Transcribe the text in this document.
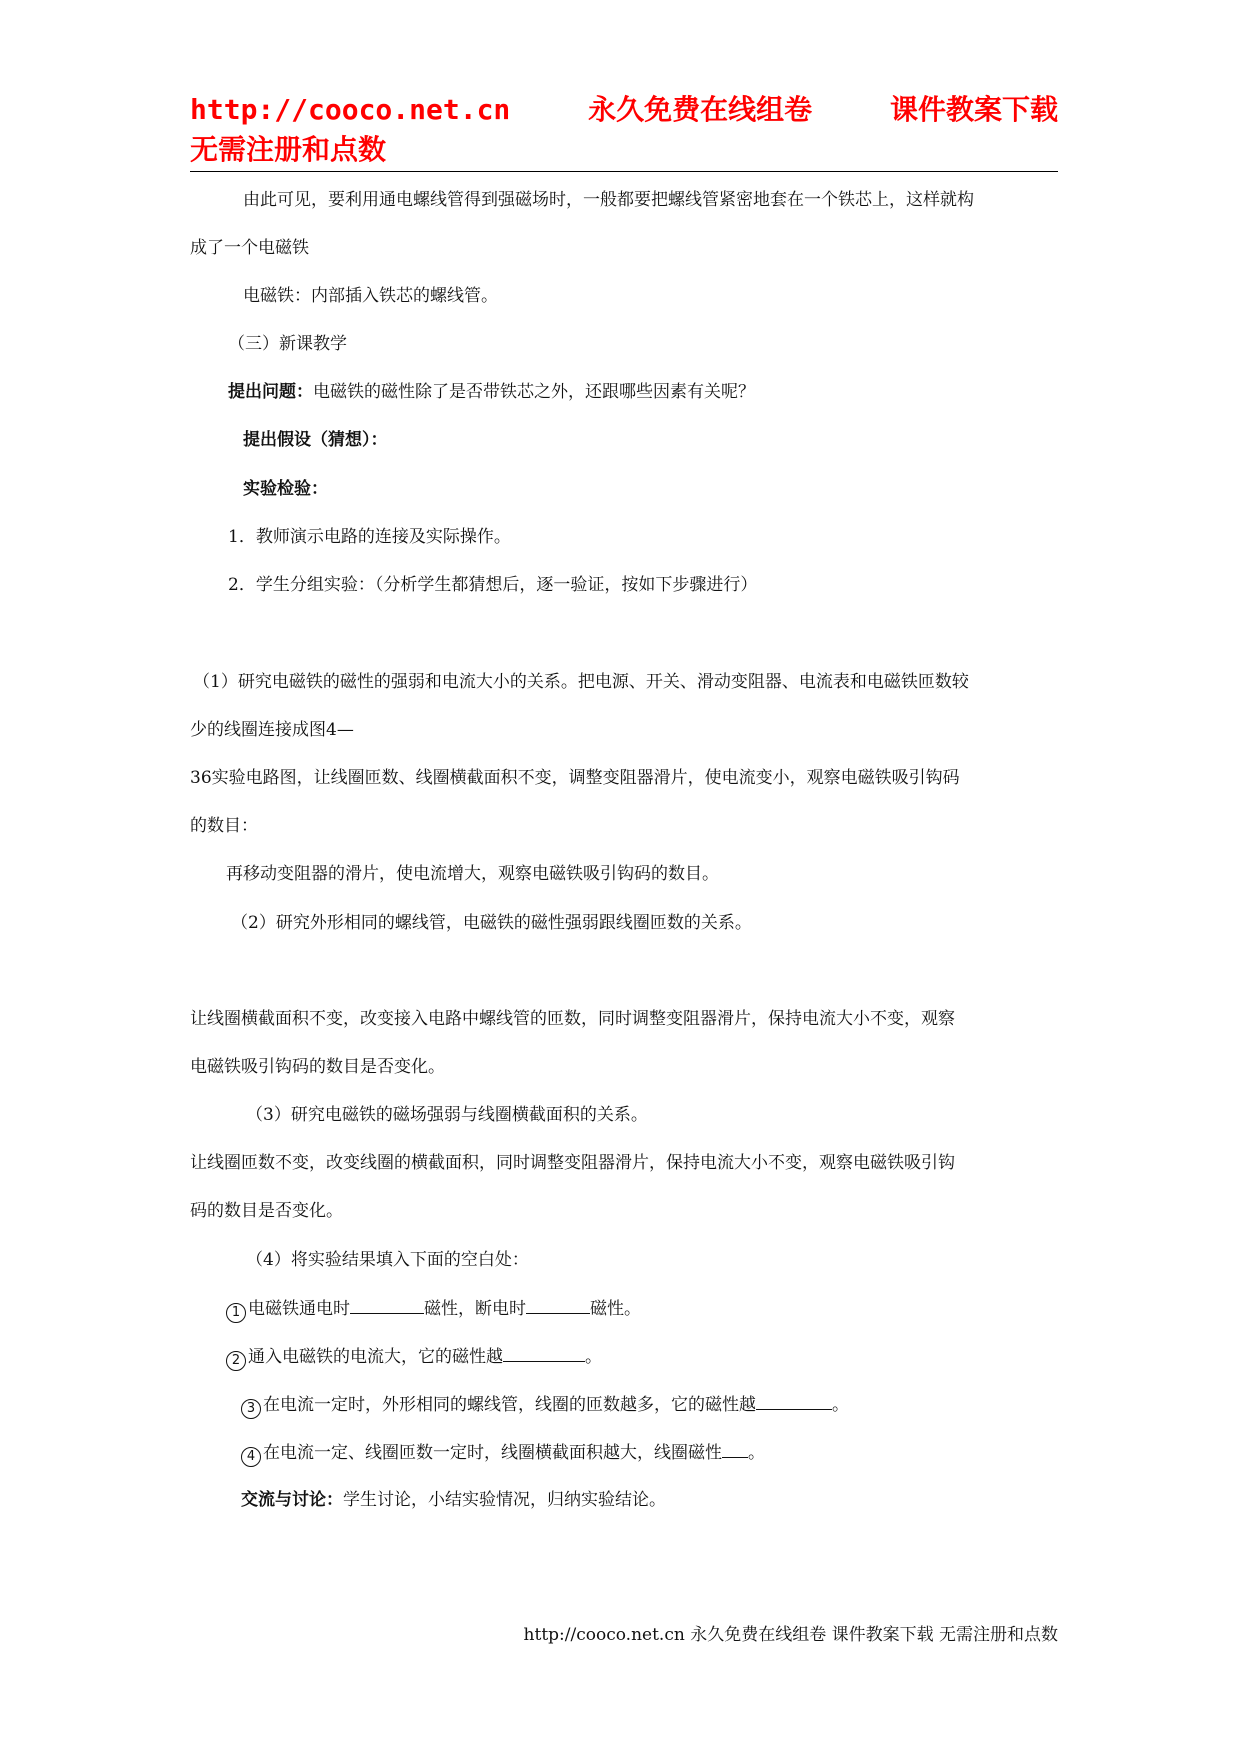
http://cooco.net.cn	永久免费在线组卷	课件教案下载
无需注册和点数
由此可见，要利用通电螺线管得到强磁场时，一般都要把螺线管紧密地套在一个铁芯上，这样就构
成了一个电磁铁
电磁铁：内部插入铁芯的螺线管。
（三）新课教学
提出问题：电磁铁的磁性除了是否带铁芯之外，还跟哪些因素有关呢？
提出假设（猜想）：
实验检验：
1．教师演示电路的连接及实际操作。
2．学生分组实验：（分析学生都猜想后，逐一验证，按如下步骤进行）
（1）研究电磁铁的磁性的强弱和电流大小的关系。把电源、开关、滑动变阻器、电流表和电磁铁匝数较
少的线圈连接成图4—
36实验电路图，让线圈匝数、线圈横截面积不变，调整变阻器滑片，使电流变小，观察电磁铁吸引钩码
的数目：
再移动变阻器的滑片，使电流增大，观察电磁铁吸引钩码的数目。
（2）研究外形相同的螺线管，电磁铁的磁性强弱跟线圈匝数的关系。
让线圈横截面积不变，改变接入电路中螺线管的匝数，同时调整变阻器滑片，保持电流大小不变，观察
电磁铁吸引钩码的数目是否变化。
（3）研究电磁铁的磁场强弱与线圈横截面积的关系。
让线圈匝数不变，改变线圈的横截面积，同时调整变阻器滑片，保持电流大小不变，观察电磁铁吸引钩
码的数目是否变化。
（4）将实验结果填入下面的空白处：
1 电磁铁通电时	磁性，断电时	磁性。
2 通入电磁铁的电流大，它的磁性越	。
3 在电流一定时，外形相同的螺线管，线圈的匝数越多，它的磁性越	。
4 在电流一定、线圈匝数一定时，线圈横截面积越大，线圈磁性 。
交流与讨论：学生讨论，小结实验情况，归纳实验结论。
http://cooco.net.cn 永久免费在线组卷 课件教案下载 无需注册和点数
